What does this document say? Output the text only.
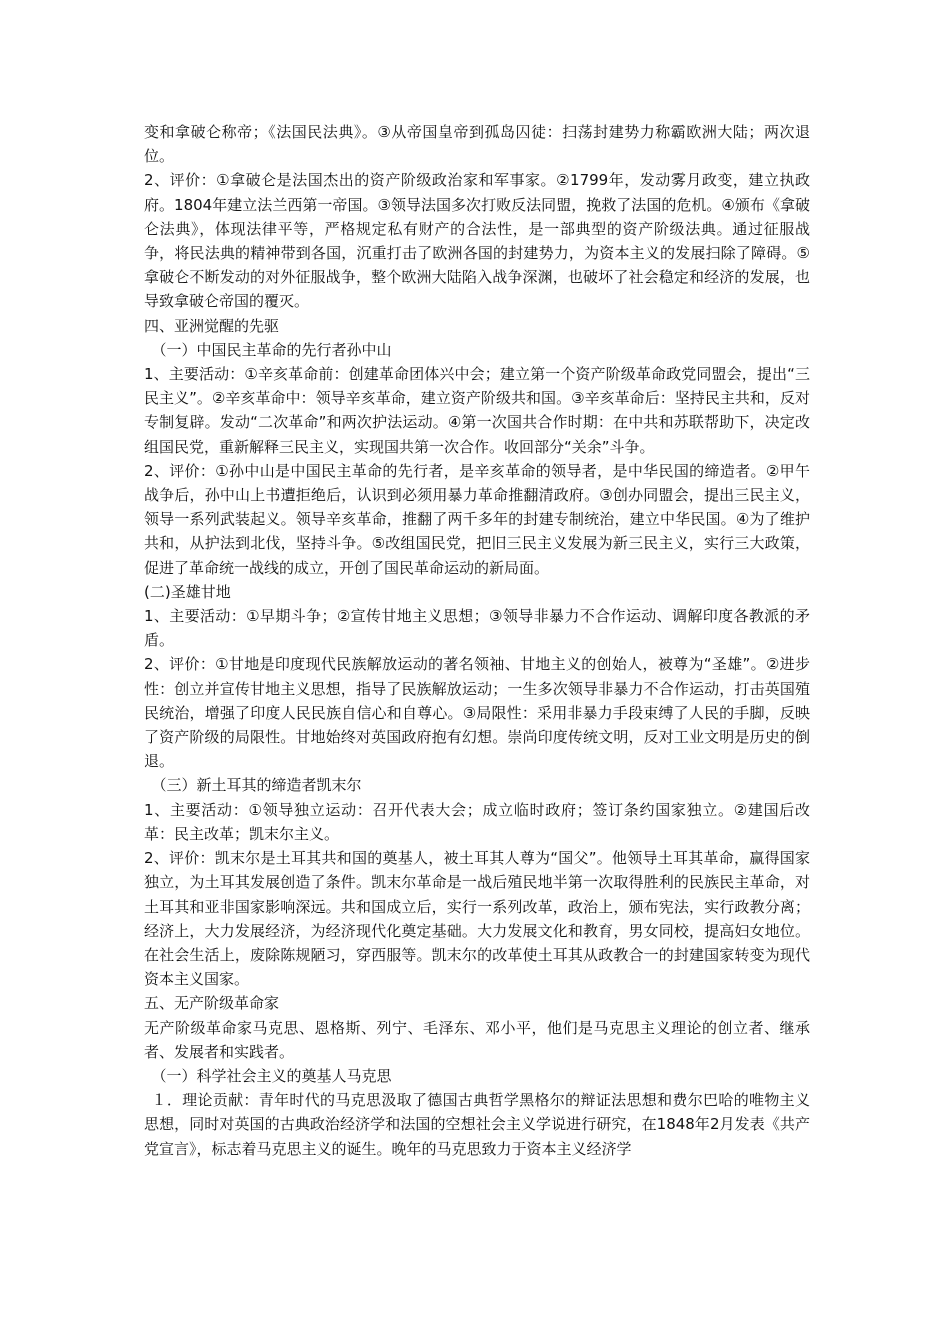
变和拿破仑称帝；《法国民法典》。③从帝国皇帝到孤岛囚徒：扫荡封建势力称霸欧洲大陆；两次退位。

2、评价：①拿破仑是法国杰出的资产阶级政治家和军事家。②1799年，发动雾月政变，建立执政府。1804年建立法兰西第一帝国。③领导法国多次打败反法同盟，挽救了法国的危机。④颁布《拿破仑法典》，体现法律平等，严格规定私有财产的合法性，是一部典型的资产阶级法典。通过征服战争，将民法典的精神带到各国，沉重打击了欧洲各国的封建势力，为资本主义的发展扫除了障碍。⑤拿破仑不断发动的对外征服战争，整个欧洲大陆陷入战争深渊，也破坏了社会稳定和经济的发展，也导致拿破仑帝国的覆灭。

四、亚洲觉醒的先驱

（一）中国民主革命的先行者孙中山

1、主要活动：①辛亥革命前：创建革命团体兴中会；建立第一个资产阶级革命政党同盟会，提出“三民主义”。②辛亥革命中：领导辛亥革命，建立资产阶级共和国。③辛亥革命后：坚持民主共和，反对专制复辟。发动“二次革命”和两次护法运动。④第一次国共合作时期：在中共和苏联帮助下，决定改组国民党，重新解释三民主义，实现国共第一次合作。收回部分“关余”斗争。

2、评价：①孙中山是中国民主革命的先行者，是辛亥革命的领导者，是中华民国的缔造者。②甲午战争后，孙中山上书遭拒绝后，认识到必须用暴力革命推翻清政府。③创办同盟会，提出三民主义，领导一系列武装起义。领导辛亥革命，推翻了两千多年的封建专制统治，建立中华民国。④为了维护共和，从护法到北伐，坚持斗争。⑤改组国民党，把旧三民主义发展为新三民主义，实行三大政策，促进了革命统一战线的成立，开创了国民革命运动的新局面。

(二)圣雄甘地

1、主要活动：①早期斗争；②宣传甘地主义思想；③领导非暴力不合作运动、调解印度各教派的矛盾。

2、评价：①甘地是印度现代民族解放运动的著名领袖、甘地主义的创始人，被尊为“圣雄”。②进步性：创立并宣传甘地主义思想，指导了民族解放运动；一生多次领导非暴力不合作运动，打击英国殖民统治，增强了印度人民民族自信心和自尊心。③局限性：采用非暴力手段束缚了人民的手脚，反映了资产阶级的局限性。甘地始终对英国政府抱有幻想。崇尚印度传统文明，反对工业文明是历史的倒退。

（三）新土耳其的缔造者凯末尔

1、主要活动：①领导独立运动：召开代表大会；成立临时政府；签订条约国家独立。②建国后改革：民主改革；凯末尔主义。

2、评价：凯末尔是土耳其共和国的奠基人，被土耳其人尊为“国父”。他领导土耳其革命，赢得国家独立，为土耳其发展创造了条件。凯末尔革命是一战后殖民地半第一次取得胜利的民族民主革命，对土耳其和亚非国家影响深远。共和国成立后，实行一系列改革，政治上，颁布宪法，实行政教分离；经济上，大力发展经济，为经济现代化奠定基础。大力发展文化和教育，男女同校，提高妇女地位。在社会生活上，废除陈规陋习，穿西服等。凯末尔的改革使土耳其从政教合一的封建国家转变为现代资本主义国家。

五、无产阶级革命家

无产阶级革命家马克思、恩格斯、列宁、毛泽东、邓小平，他们是马克思主义理论的创立者、继承者、发展者和实践者。

（一）科学社会主义的奠基人马克思

１．理论贡献：青年时代的马克思汲取了德国古典哲学黑格尔的辩证法思想和费尔巴哈的唯物主义思想，同时对英国的古典政治经济学和法国的空想社会主义学说进行研究，在1848年2月发表《共产党宣言》，标志着马克思主义的诞生。晚年的马克思致力于资本主义经济学
